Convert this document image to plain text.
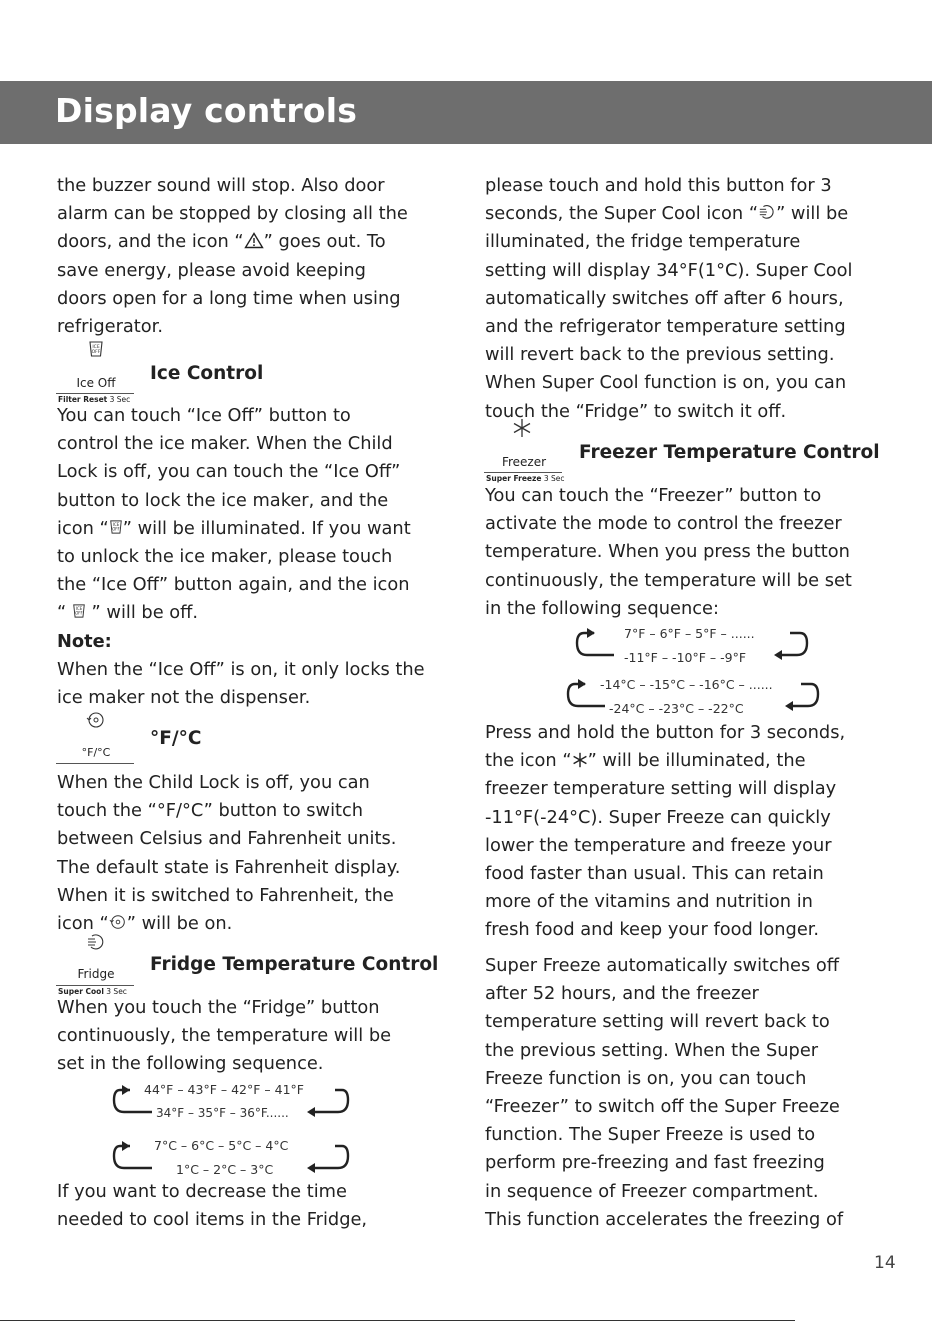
Display controls
the buzzer sound will stop. Also door
alarm can be stopped by closing all the
doors, and the icon “ ” goes out. To
save energy, please avoid keeping
doors open for a long time when using
refrigerator.
ICE
OFF
Ice Off
Filter Reset 3 Sec
Ice Control
You can touch “Ice Off” button to
control the ice maker. When the Child
Lock is off, you can touch the “Ice Off”
button to lock the ice maker, and the
icon “ ICE
OFF ” will be illuminated. If you want
to unlock the ice maker, please touch
the “Ice Off” button again, and the icon
“ ICE
OFF ” will be off.
Note:
When the “Ice Off” is on, it only locks the
ice maker not the dispenser.
°F/°C
°F/°C
When the Child Lock is off, you can
touch the “°F/°C” button to switch
between Celsius and Fahrenheit units.
The default state is Fahrenheit display.
When it is switched to Fahrenheit, the
icon “ ” will be on.
Fridge
Super Cool 3 Sec
Fridge Temperature Control
When you touch the “Fridge” button
continuously, the temperature will be
set in the following sequence.
44°F – 43°F – 42°F – 41°F
34°F – 35°F – 36°F......
7°C – 6°C – 5°C – 4°C
1°C – 2°C – 3°C
If you want to decrease the time
needed to cool items in the Fridge,
please touch and hold this button for 3
seconds, the Super Cool icon “ ” will be
illuminated, the fridge temperature
setting will display 34°F(1°C). Super Cool
automatically switches off after 6 hours,
and the refrigerator temperature setting
will revert back to the previous setting.
When Super Cool function is on, you can
touch the “Fridge” to switch it off.
Freezer
Super Freeze 3 Sec
Freezer Temperature Control
You can touch the “Freezer” button to
activate the mode to control the freezer
temperature. When you press the button
continuously, the temperature will be set
in the following sequence:
7°F – 6°F – 5°F – ......
-11°F – -10°F – -9°F
-14°C – -15°C – -16°C – ......
-24°C – -23°C – -22°C
Press and hold the button for 3 seconds,
the icon “ ” will be illuminated, the
freezer temperature setting will display
-11°F(-24°C). Super Freeze can quickly
lower the temperature and freeze your
food faster than usual. This can retain
more of the vitamins and nutrition in
fresh food and keep your food longer.
Super Freeze automatically switches off
after 52 hours, and the freezer
temperature setting will revert back to
the previous setting. When the Super
Freeze function is on, you can touch
“Freezer” to switch off the Super Freeze
function. The Super Freeze is used to
perform pre-freezing and fast freezing
in sequence of Freezer compartment.
This function accelerates the freezing of
14
